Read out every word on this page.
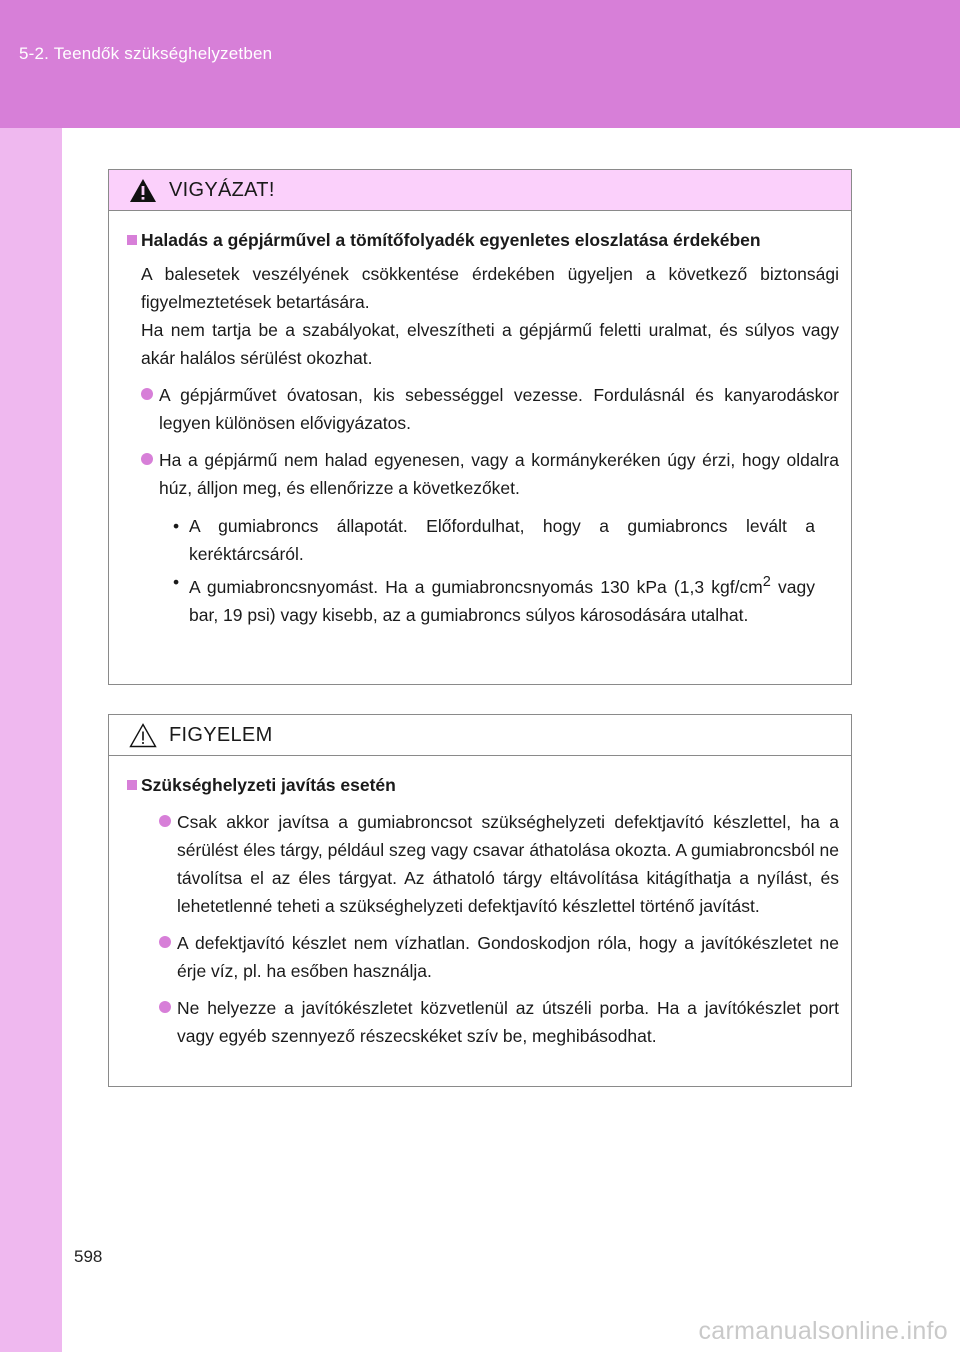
5-2. Teendők szükséghelyzetben
VIGYÁZAT!
Haladás a gépjárművel a tömítőfolyadék egyenletes eloszlatása érdekében
A balesetek veszélyének csökkentése érdekében ügyeljen a következő biztonsági figyelmeztetések betartására.
Ha nem tartja be a szabályokat, elveszítheti a gépjármű feletti uralmat, és súlyos vagy akár halálos sérülést okozhat.
A gépjárművet óvatosan, kis sebességgel vezesse. Fordulásnál és kanyarodáskor legyen különösen elővigyázatos.
Ha a gépjármű nem halad egyenesen, vagy a kormánykeréken úgy érzi, hogy oldalra húz, álljon meg, és ellenőrizze a következőket.
• A gumiabroncs állapotát. Előfordulhat, hogy a gumiabroncs levált a keréktárcsáról.
• A gumiabroncsnyomást. Ha a gumiabroncsnyomás 130 kPa (1,3 kgf/$cm^2$ vagy bar, 19 psi) vagy kisebb, az a gumiabroncs súlyos károsodására utalhat.
FIGYELEM
Szükséghelyzeti javítás esetén
Csak akkor javítsa a gumiabroncsot szükséghelyzeti defektjavító készlettel, ha a sérülést éles tárgy, például szeg vagy csavar áthatolása okozta. A gumiabroncsból ne távolítsa el az éles tárgyat. Az áthatoló tárgy eltávolítása kitágíthatja a nyílást, és lehetetlenné teheti a szükséghelyzeti defektjavító készlettel történő javítást.
A defektjavító készlet nem vízhatlan. Gondoskodjon róla, hogy a javítókészletet ne érje víz, pl. ha esőben használja.
Ne helyezze a javítókészletet közvetlenül az útszéli porba. Ha a javítókészlet port vagy egyéb szennyező részecskéket szív be, meghibásodhat.
598
carmanualsonline.info
